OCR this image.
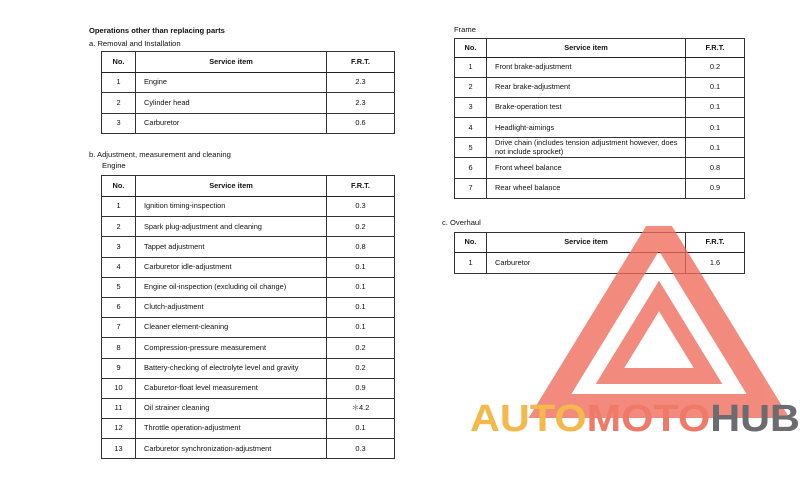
Operations other than replacing parts
a. Removal and Installation
No.	Service item	F.R.T.
1	Engine	2.3
2	Cylinder head	2.3
3	Carburetor	0.6
b. Adjustment, measurement and cleaning
Engine
No.	Service item	F.R.T.
1	Ignition timing-inspection	0.3
2	Spark plug-adjustment and cleaning	0.2
3	Tappet adjustment	0.8
4	Carburetor idle-adjustment	0.1
5	Engine oil-inspection (excluding oil change)	0.1
6	Clutch-adjustment	0.1
7	Cleaner element-cleaning	0.1
8	Compression-pressure measurement	0.2
9	Battery-checking of electrolyte level and gravity	0.2
10	Caburetor-float level measurement	0.9
11	Oil strainer cleaning	＊4.2
12	Throttle operation-adjustment	0.1
13	Carburetor synchronization-adjustment	0.3
Frame
No.	Service item	F.R.T.
1	Front brake-adjustment	0.2
2	Rear brake-adjustment	0.1
3	Brake-operation test	0.1
4	Headlight-aimings	0.1
5	Drive chain (includes tension adjustment however, does not include sprocket)	0.1
6	Front wheel balance	0.8
7	Rear wheel balance	0.9
c. Overhaul
No.	Service item	F.R.T.
1	Carburetor	1.6
AUTO MOTO HUB
